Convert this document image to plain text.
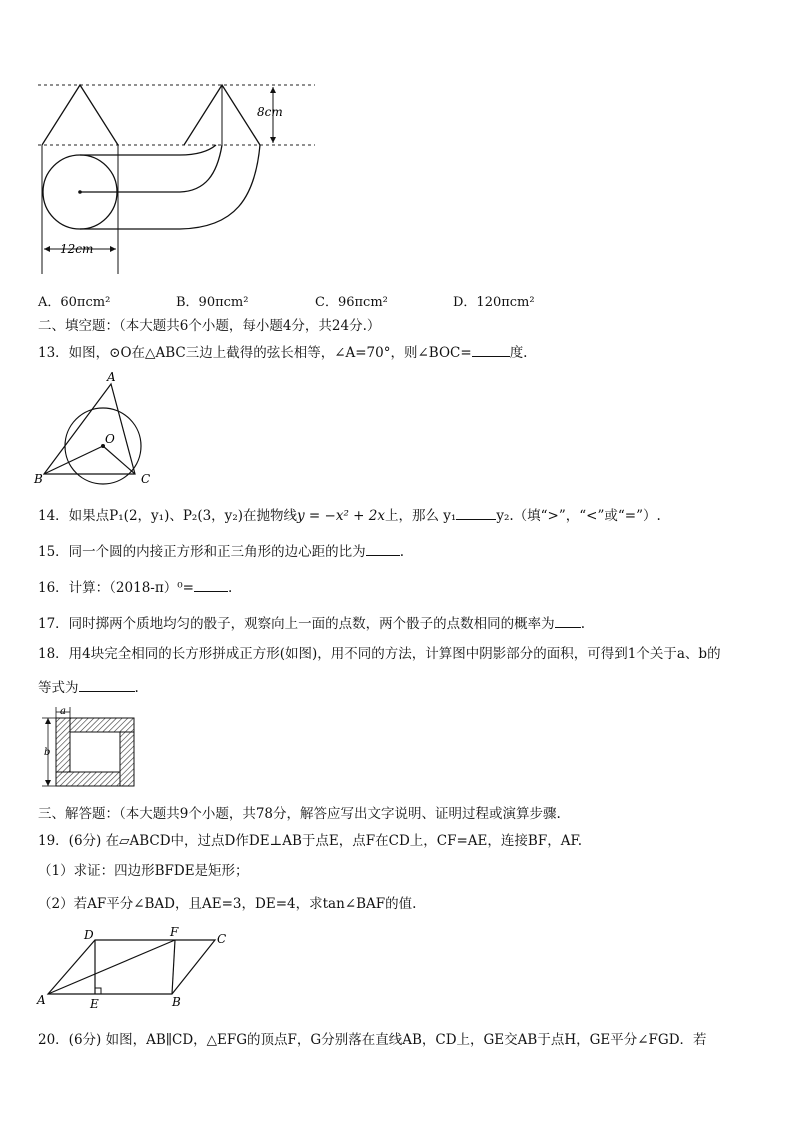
12cm
8cm
A．60πcm²	B．90πcm²	C．96πcm²	D．120πcm²
二、填空题：（本大题共6个小题，每小题4分，共24分.）
13．如图，⊙O在△ABC三边上截得的弦长相等，∠A=70°，则∠BOC=	度.
A
O
B	C
14．如果点P₁(2，y₁)、P₂(3，y₂)在抛物线y = −x² + 2x上，那么 y₁	y₂.（填“>”，“<”或“=”）.
15．同一个圆的内接正方形和正三角形的边心距的比为	.
16．计算：（2018-π）⁰=	.
17．同时掷两个质地均匀的骰子，观察向上一面的点数，两个骰子的点数相同的概率为 .
18．用4块完全相同的长方形拼成正方形(如图)，用不同的方法，计算图中阴影部分的面积，可得到1个关于a、b的
等式为	.
a
b
三、解答题：（本大题共9个小题，共78分，解答应写出文字说明、证明过程或演算步骤.
19．(6分) 在▱ABCD中，过点D作DE⊥AB于点E，点F在CD上，CF=AE，连接BF，AF.
（1）求证：四边形BFDE是矩形；
（2）若AF平分∠BAD，且AE=3，DE=4，求tan∠BAF的值.
D	F	C
A	E	B
20．(6分) 如图，AB∥CD，△EFG的顶点F，G分别落在直线AB，CD上，GE交AB于点H，GE平分∠FGD．若
